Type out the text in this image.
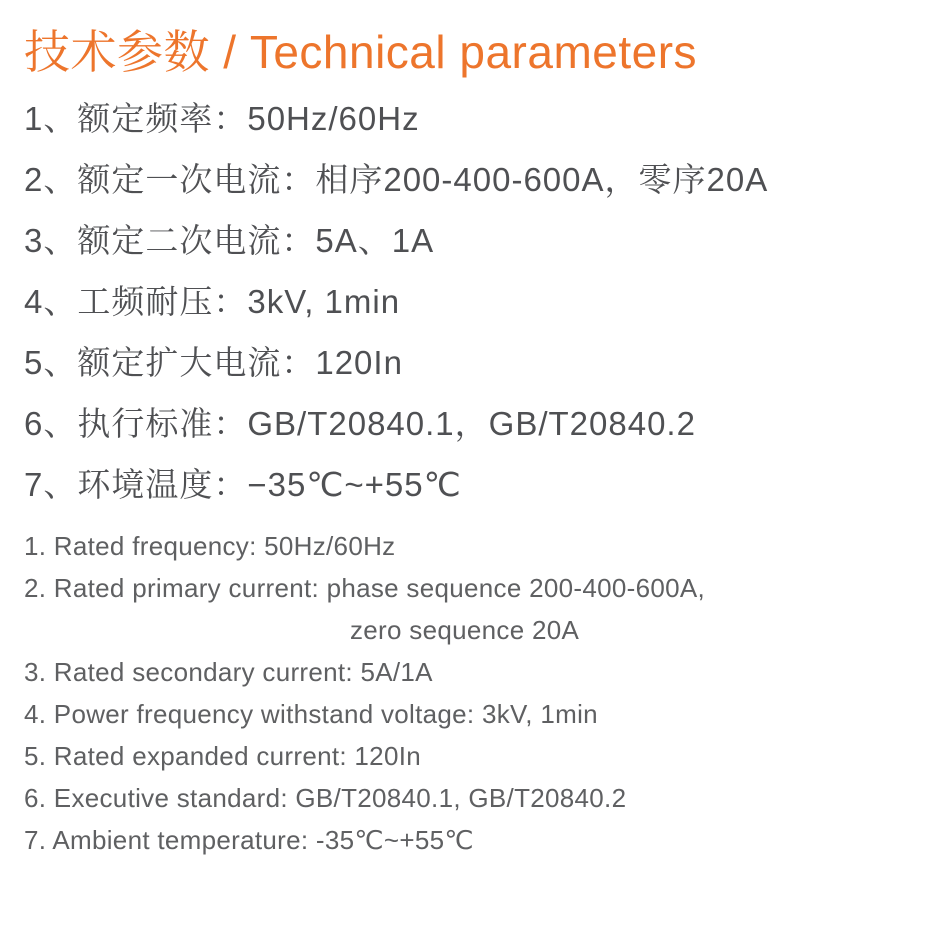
技术参数 / Technical parameters
1、额定频率：50Hz/60Hz
2、额定一次电流：相序200-400-600A，零序20A
3、额定二次电流：5A、1A
4、工频耐压：3kV, 1min
5、额定扩大电流：120In
6、执行标准：GB/T20840.1，GB/T20840.2
7、环境温度：−35℃~+55℃
1. Rated frequency: 50Hz/60Hz
2. Rated primary current: phase sequence 200-400-600A,
zero sequence 20A
3. Rated secondary current: 5A/1A
4. Power frequency withstand voltage: 3kV, 1min
5. Rated expanded current: 120In
6. Executive standard: GB/T20840.1, GB/T20840.2
7. Ambient temperature: -35℃~+55℃
